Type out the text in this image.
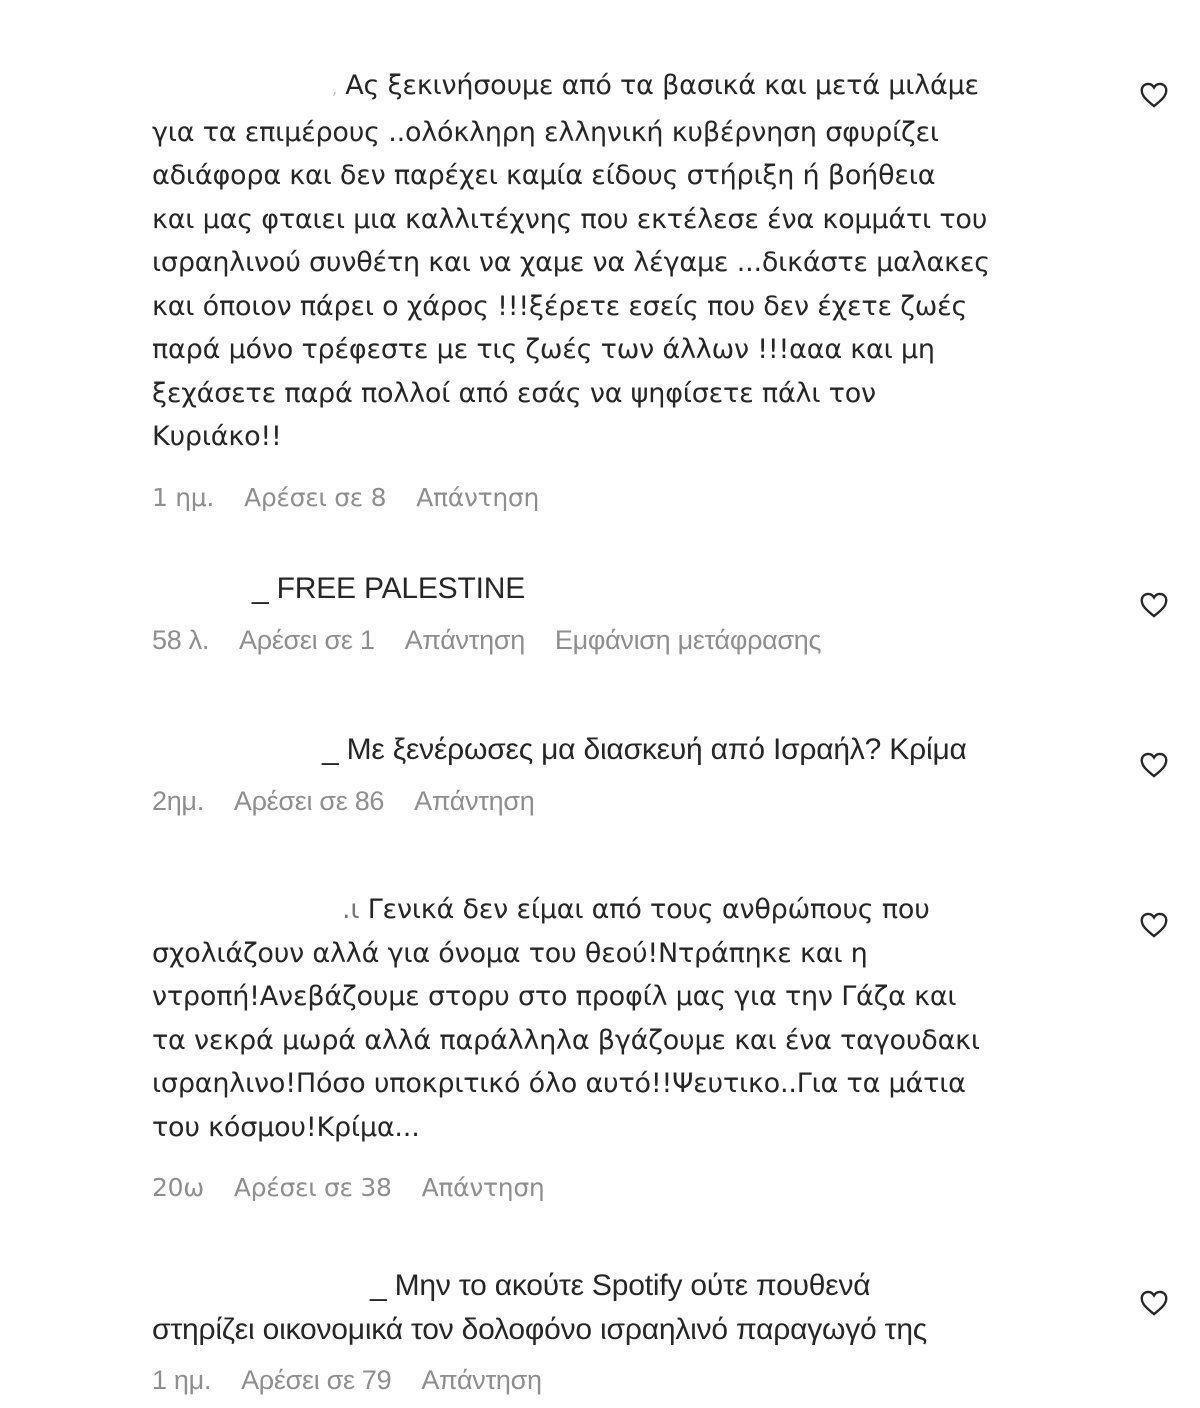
, Ας ξεκινήσουμε από τα βασικά και μετά μιλάμε
για τα επιμέρους ..ολόκληρη ελληνική κυβέρνηση σφυρίζει
αδιάφορα και δεν παρέχει καμία είδους στήριξη ή βοήθεια
και μας φταιει μια καλλιτέχνης που εκτέλεσε ένα κομμάτι του
ισραηλινού συνθέτη και να χαμε να λέγαμε ...δικάστε μαλακες
και όποιον πάρει ο χάρος !!!ξέρετε εσείς που δεν έχετε ζωές
παρά μόνο τρέφεστε με τις ζωές των άλλων !!!ααα και μη
ξεχάσετε παρά πολλοί από εσάς να ψηφίσετε πάλι τον
Κυριάκο!!
1 ημ. Αρέσει σε 8 Απάντηση
_ FREE PALESTINE
58 λ. Αρέσει σε 1 Απάντηση Εμφάνιση μετάφρασης
_ Με ξενέρωσες μα διασκευή από Ισραήλ? Κρίμα
2ημ. Αρέσει σε 86 Απάντηση
.ι Γενικά δεν είμαι από τους ανθρώπους που
σχολιάζουν αλλά για όνομα του θεού!Ντράπηκε και η
ντροπή!Ανεβάζουμε στορυ στο προφίλ μας για την Γάζα και
τα νεκρά μωρά αλλά παράλληλα βγάζουμε και ένα ταγουδακι
ισραηλινο!Πόσο υποκριτικό όλο αυτό!!Ψευτικο..Για τα μάτια
του κόσμου!Κρίμα...
20ω Αρέσει σε 38 Απάντηση
_ Μην το ακούτε Spotify ούτε πουθενά
στηρίζει οικονομικά τον δολοφόνο ισραηλινό παραγωγό της
1 ημ. Αρέσει σε 79 Απάντηση
